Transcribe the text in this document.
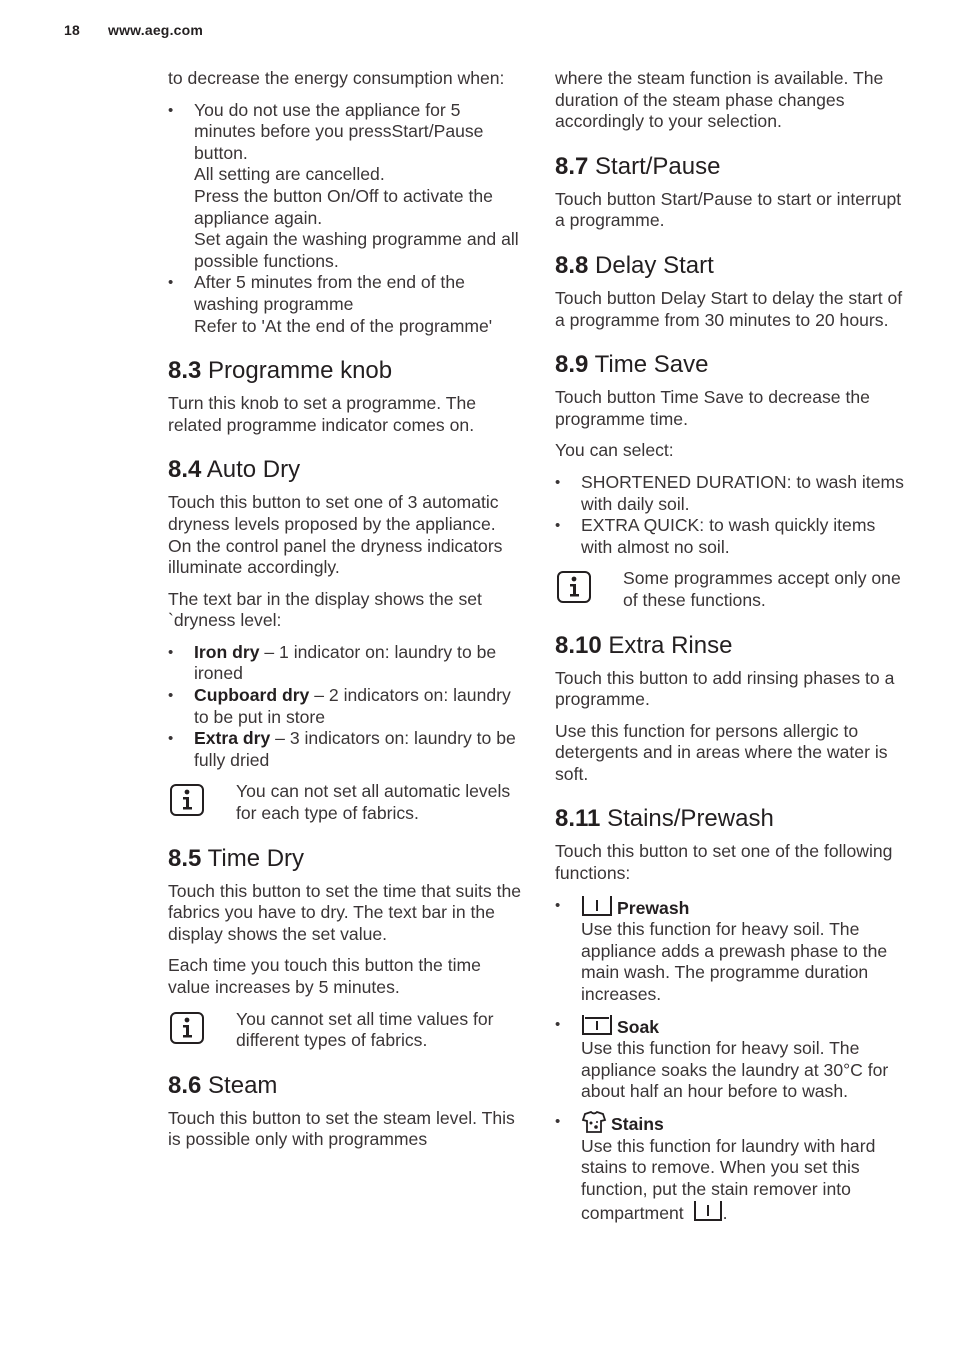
18 www.aeg.com

to decrease the energy consumption when:

• You do not use the appliance for 5 minutes before you pressStart/Pause button.
All setting are cancelled.
Press the button On/Off to activate the appliance again.
Set again the washing programme and all possible functions.
• After 5 minutes from the end of the washing programme
Refer to 'At the end of the programme'
8.3 Programme knob

Turn this knob to set a programme. The related programme indicator comes on.

8.4 Auto Dry

Touch this button to set one of 3 automatic dryness levels proposed by the appliance. On the control panel the dryness indicators illuminate accordingly.

The text bar in the display shows the set `dryness level:

• Iron dry – 1 indicator on: laundry to be ironed
• Cupboard dry – 2 indicators on: laundry to be put in store
• Extra dry – 3 indicators on: laundry to be fully dried
You can not set all automatic levels for each type of fabrics.
8.5 Time Dry

Touch this button to set the time that suits the fabrics you have to dry. The text bar in the display shows the set value.

Each time you touch this button the time value increases by 5 minutes.

You cannot set all time values for different types of fabrics.
8.6 Steam

Touch this button to set the steam level. This is possible only with programmes

where the steam function is available. The duration of the steam phase changes accordingly to your selection.

8.7 Start/Pause

Touch button Start/Pause to start or interrupt a programme.

8.8 Delay Start

Touch button Delay Start to delay the start of a programme from 30 minutes to 20 hours.

8.9 Time Save

Touch button Time Save to decrease the programme time.

You can select:

• SHORTENED DURATION: to wash items with daily soil.
• EXTRA QUICK: to wash quickly items with almost no soil.
Some programmes accept only one of these functions.
8.10 Extra Rinse

Touch this button to add rinsing phases to a programme.

Use this function for persons allergic to detergents and in areas where the water is soft.

8.11 Stains/Prewash

Touch this button to set one of the following functions:

•	Prewash
Use this function for heavy soil. The appliance adds a prewash phase to the main wash. The programme duration increases.
•	Soak
Use this function for heavy soil. The appliance soaks the laundry at 30°C for about half an hour before to wash.
•	Stains
Use this function for laundry with hard stains to remove. When you set this function, put the stain remover into compartment .
